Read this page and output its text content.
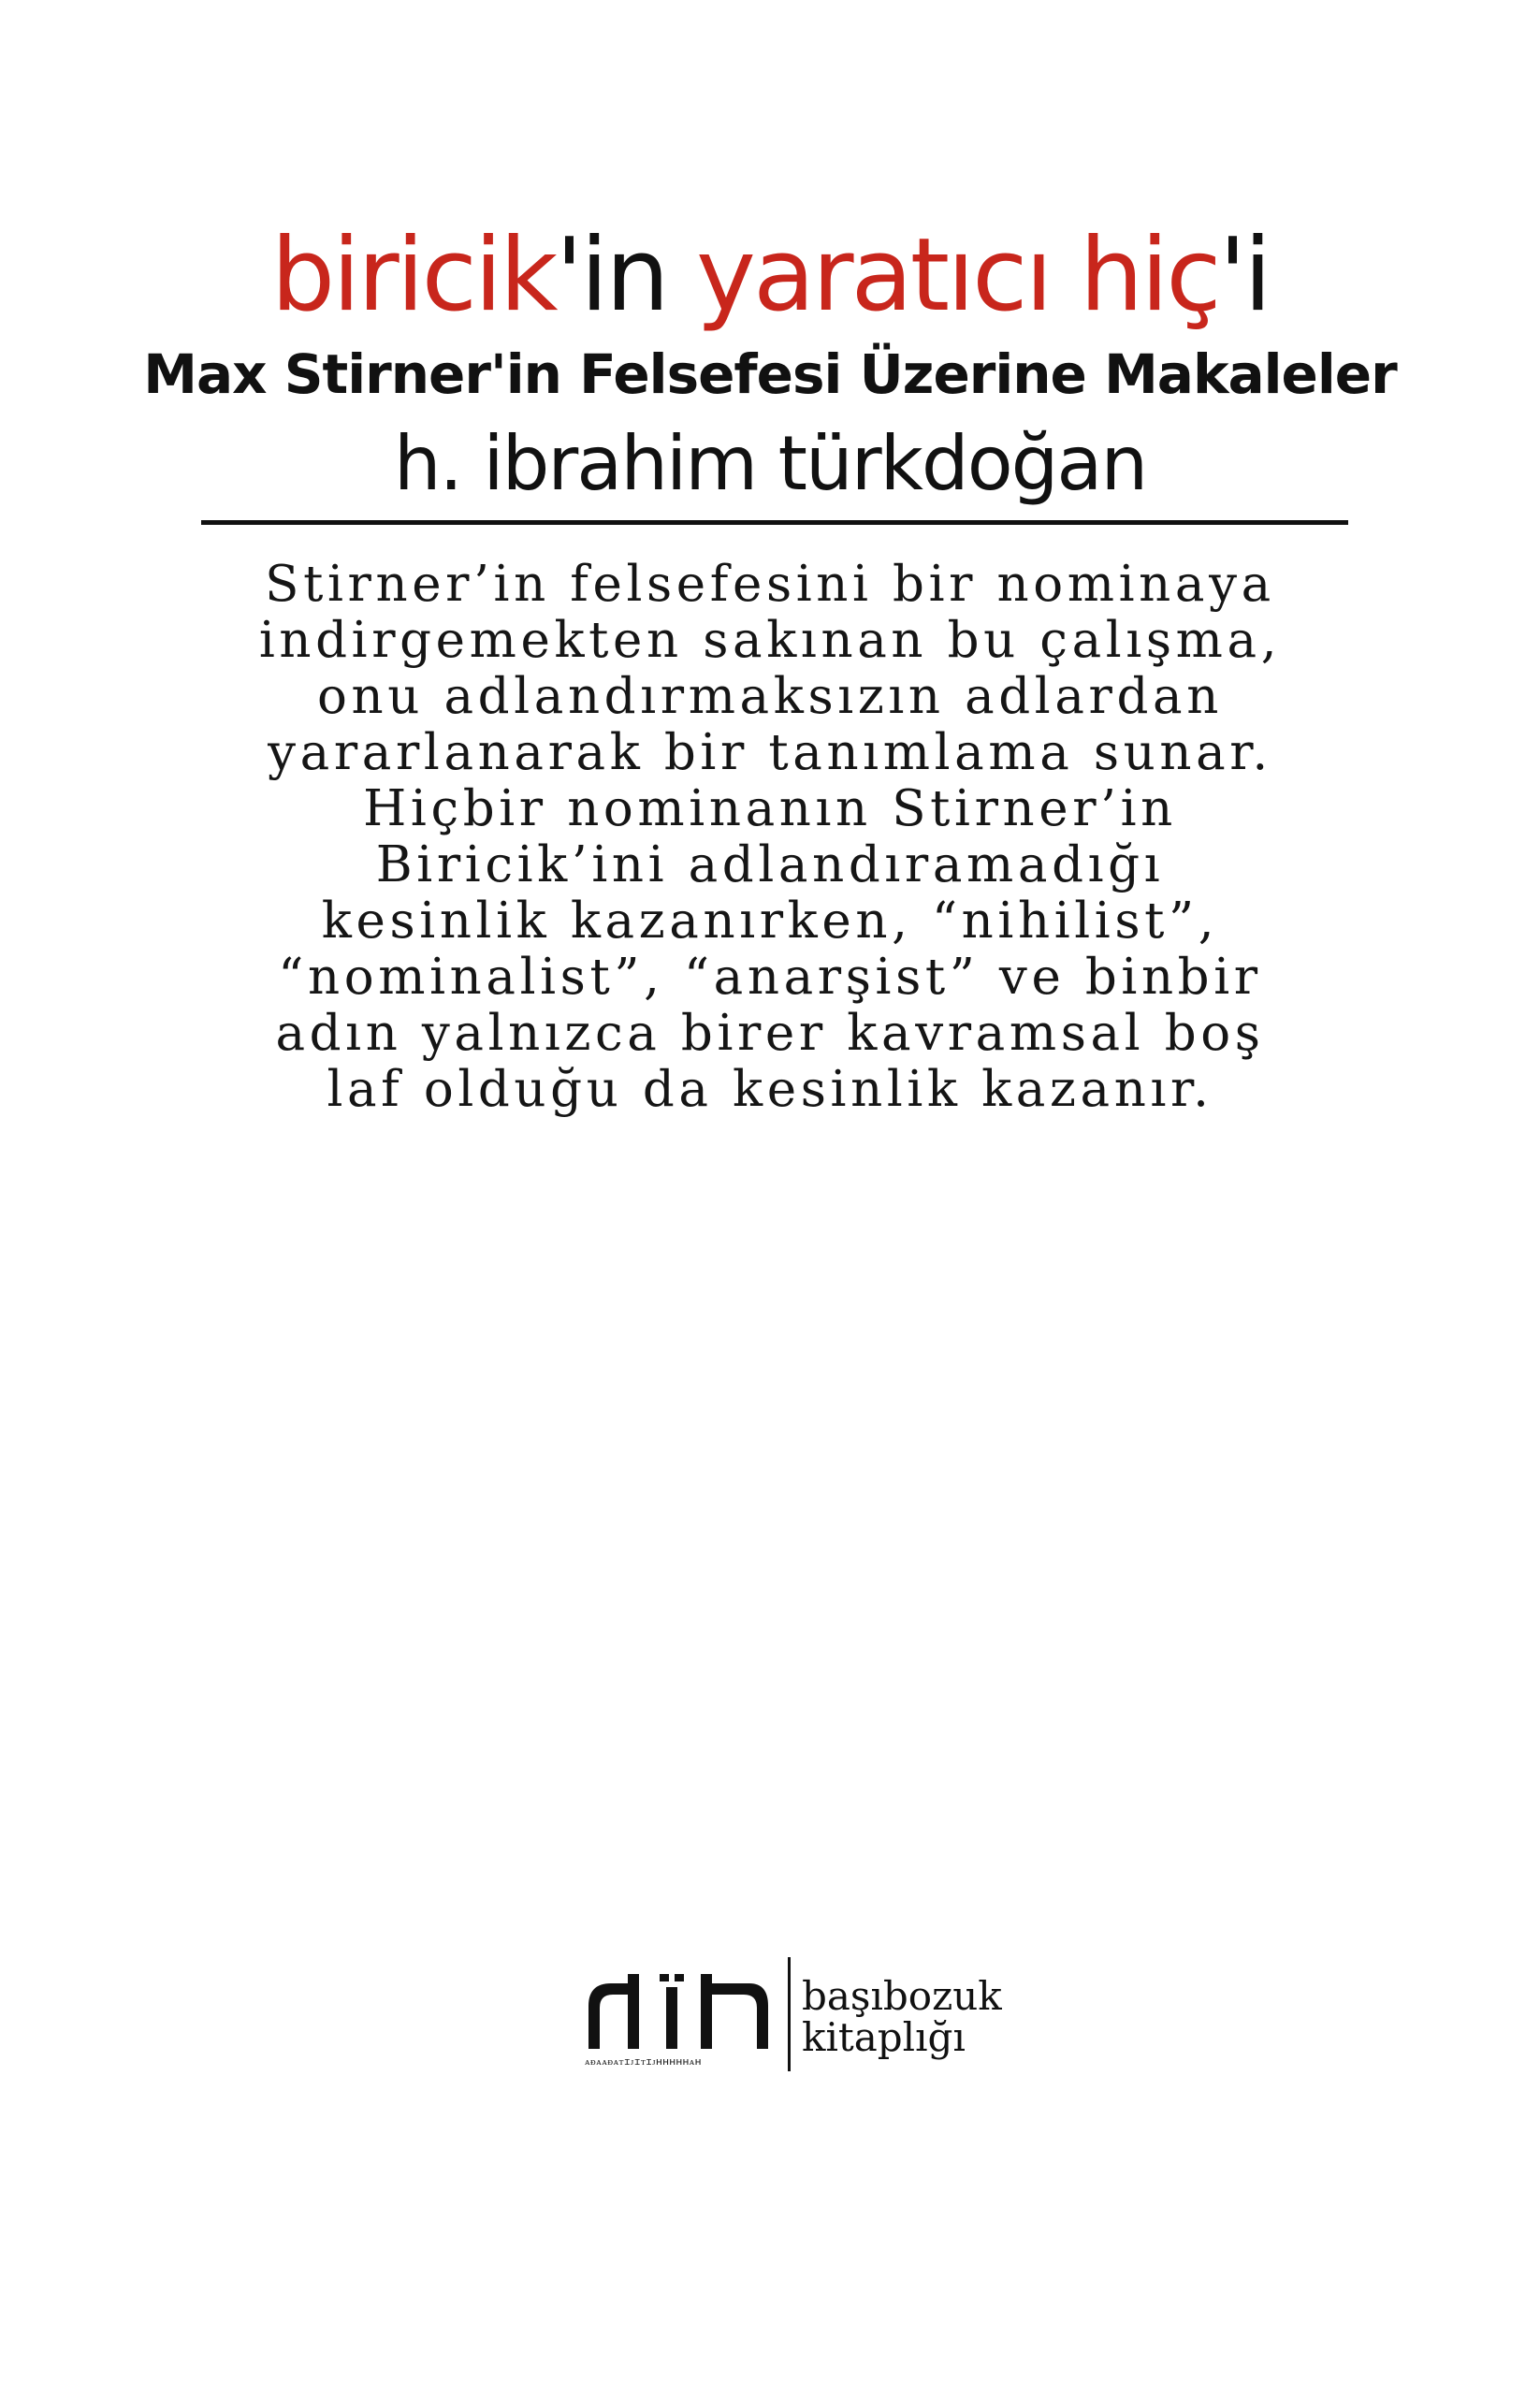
biricik'in yaratıcı hiç'i
Max Stirner'in Felsefesi Üzerine Makaleler
h. ibrahim türkdoğan
Stirner’in felsefesini bir nominaya
indirgemekten sakınan bu çalışma,
onu adlandırmaksızın adlardan
yararlanarak bir tanımlama sunar.
Hiçbir nominanın Stirner’in
Biricik’ini adlandıramadığı
kesinlik kazanırken, “nihilist”,
“nominalist”, “anarşist” ve binbir
adın yalnızca birer kavramsal boş
laf olduğu da kesinlik kazanır.
ᴀᴆᴀᴀᴆᴀᴛɪᴊɪᴛɪᴊʜʜʜʜʜᴀʜ
başıbozuk
kitaplığı
